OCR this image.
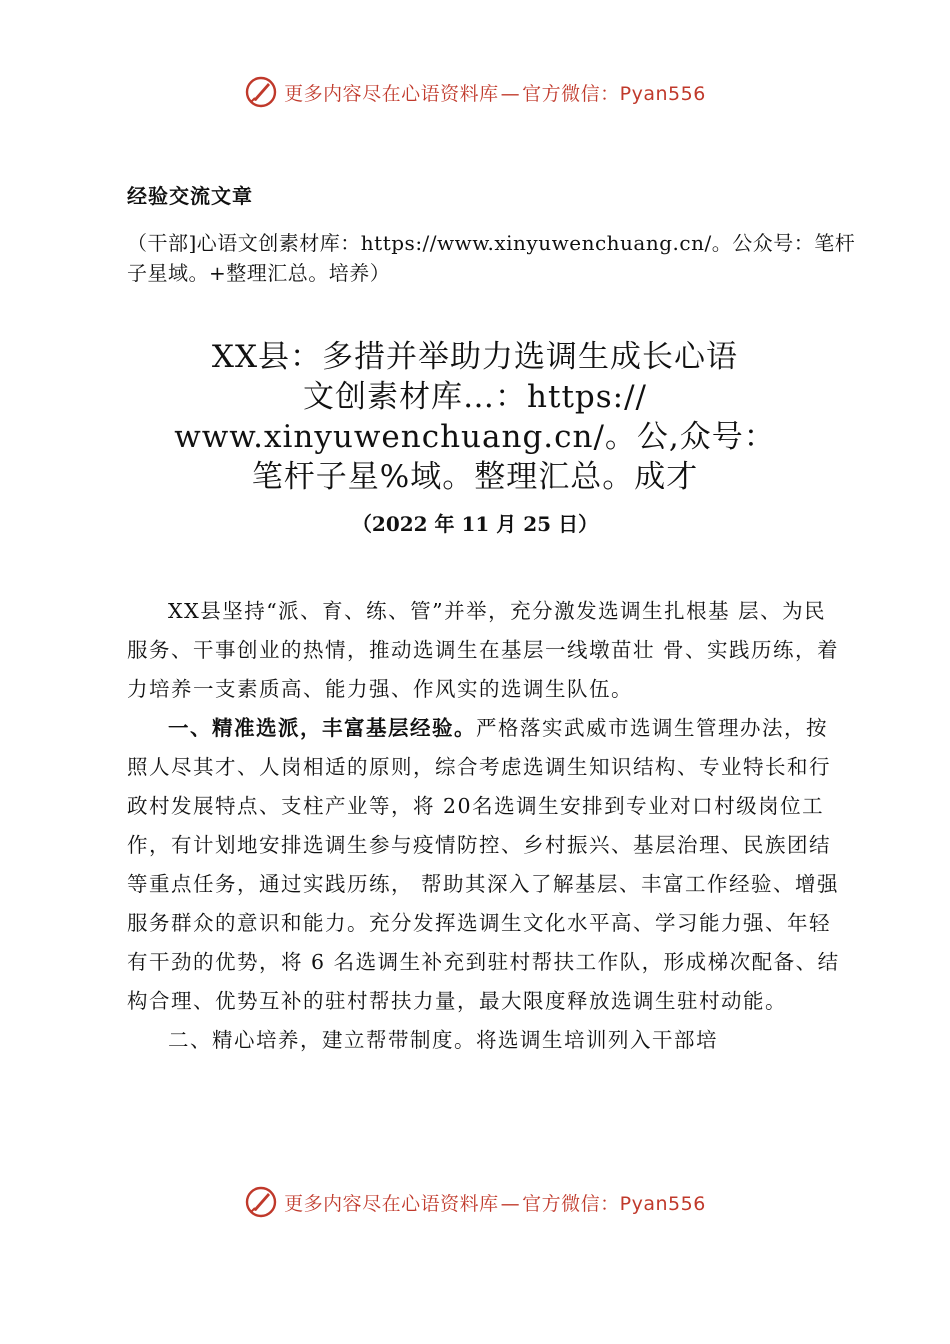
更多内容尽在心语资料库 — 官方微信：Pyan556
经验交流文章
（干部]心语文创素材库：https://www.xinyuwenchuang.cn/。公众号：笔杆子星域。+整理汇总。培养）
XX县：多措并举助力选调生成长心语
文创素材库…：https://
www.xinyuwenchuang.cn/。公,众号：
笔杆子星%域。整理汇总。成才
（2022 年 11 月 25 日）

XX县坚持“派、育、练、管”并举，充分激发选调生扎根基 层、为民服务、干事创业的热情，推动选调生在基层一线墩苗壮 骨、实践历练，着力培养一支素质高、能力强、作风实的选调生队伍。

一、精准选派，丰富基层经验。严格落实武威市选调生管理办法，按照人尽其才、人岗相适的原则，综合考虑选调生知识结构、专业特长和行政村发展特点、支柱产业等，将 20名选调生安排到专业对口村级岗位工作，有计划地安排选调生参与疫情防控、乡村振兴、基层治理、民族团结等重点任务，通过实践历练， 帮助其深入了解基层、丰富工作经验、增强服务群众的意识和能力。充分发挥选调生文化水平高、学习能力强、年轻有干劲的优势，将 6 名选调生补充到驻村帮扶工作队，形成梯次配备、结构合理、优势互补的驻村帮扶力量，最大限度释放选调生驻村动能。

二、精心培养，建立帮带制度。将选调生培训列入干部培

更多内容尽在心语资料库 — 官方微信：Pyan556
